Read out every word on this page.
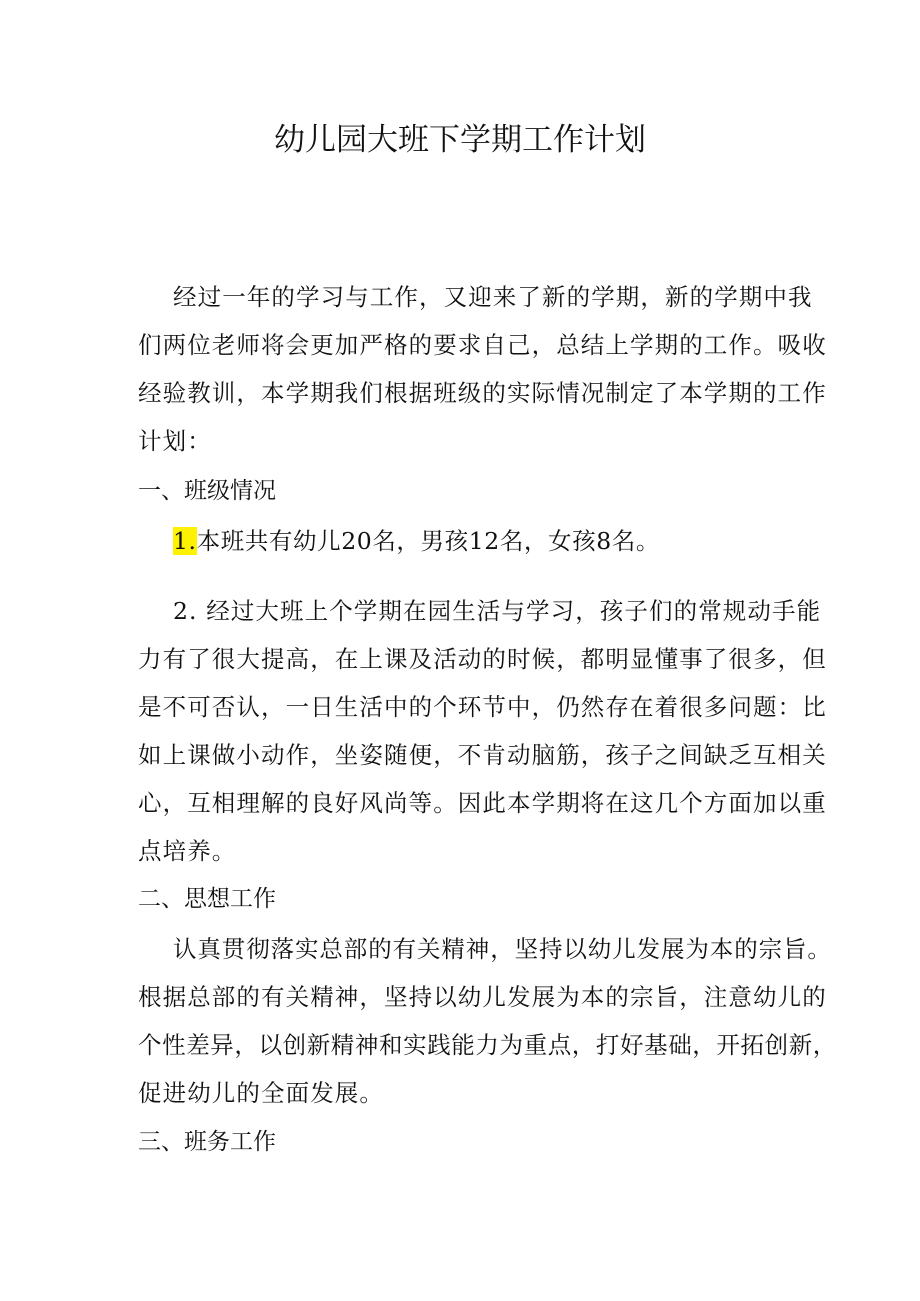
幼儿园大班下学期工作计划
经过一年的学习与工作，又迎来了新的学期，新的学期中我
们两位老师将会更加严格的要求自己，总结上学期的工作。吸收
经验教训，本学期我们根据班级的实际情况制定了本学期的工作
计划：
一、班级情况
1.本班共有幼儿20名，男孩12名，女孩8名。
2. 经过大班上个学期在园生活与学习，孩子们的常规动手能
力有了很大提高，在上课及活动的时候，都明显懂事了很多，但
是不可否认，一日生活中的个环节中，仍然存在着很多问题：比
如上课做小动作，坐姿随便，不肯动脑筋，孩子之间缺乏互相关
心，互相理解的良好风尚等。因此本学期将在这几个方面加以重
点培养。
二、思想工作
认真贯彻落实总部的有关精神，坚持以幼儿发展为本的宗旨。
根据总部的有关精神，坚持以幼儿发展为本的宗旨，注意幼儿的
个性差异，以创新精神和实践能力为重点，打好基础，开拓创新，
促进幼儿的全面发展。
三、班务工作
